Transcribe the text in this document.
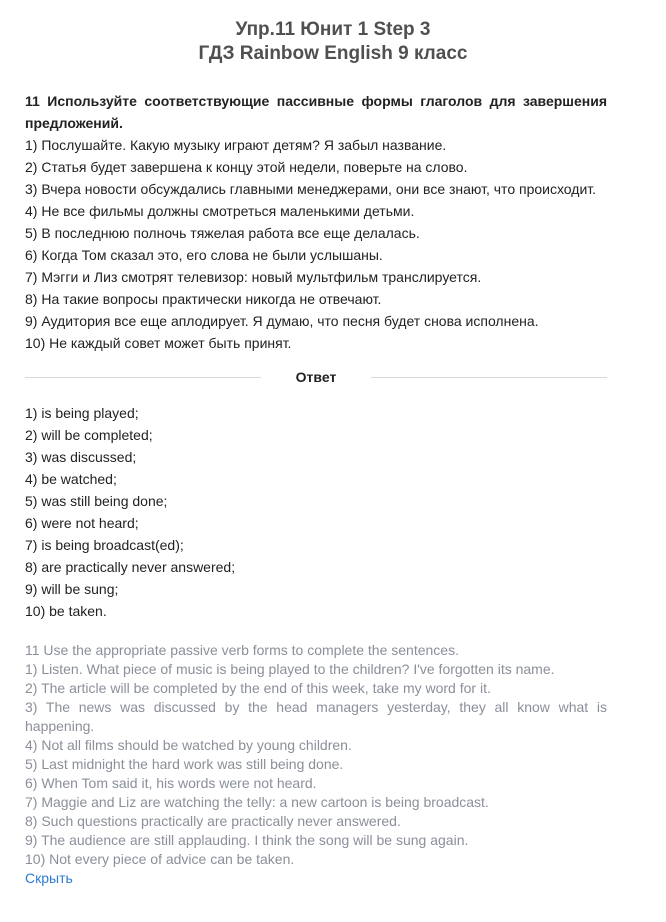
Упр.11 Юнит 1 Step 3
ГДЗ Rainbow English 9 класс
11 Используйте соответствующие пассивные формы глаголов для завершения предложений.
1) Послушайте. Какую музыку играют детям? Я забыл название.
2) Статья будет завершена к концу этой недели, поверьте на слово.
3) Вчера новости обсуждались главными менеджерами, они все знают, что происходит.
4) Не все фильмы должны смотреться маленькими детьми.
5) В последнюю полночь тяжелая работа все еще делалась.
6) Когда Том сказал это, его слова не были услышаны.
7) Мэгги и Лиз смотрят телевизор: новый мультфильм транслируется.
8) На такие вопросы практически никогда не отвечают.
9) Аудитория все еще аплодирует. Я думаю, что песня будет снова исполнена.
10) Не каждый совет может быть принят.
Ответ
1) is being played;
2) will be completed;
3) was discussed;
4) be watched;
5) was still being done;
6) were not heard;
7) is being broadcast(ed);
8) are practically never answered;
9) will be sung;
10) be taken.
11 Use the appropriate passive verb forms to complete the sentences.
1) Listen. What piece of music is being played to the children? I've forgotten its name.
2) The article will be completed by the end of this week, take my word for it.
3) The news was discussed by the head managers yesterday, they all know what is happening.
4) Not all films should be watched by young children.
5) Last midnight the hard work was still being done.
6) When Tom said it, his words were not heard.
7) Maggie and Liz are watching the telly: a new cartoon is being broadcast.
8) Such questions practically are practically never answered.
9) The audience are still applauding. I think the song will be sung again.
10) Not every piece of advice can be taken.
Скрыть
